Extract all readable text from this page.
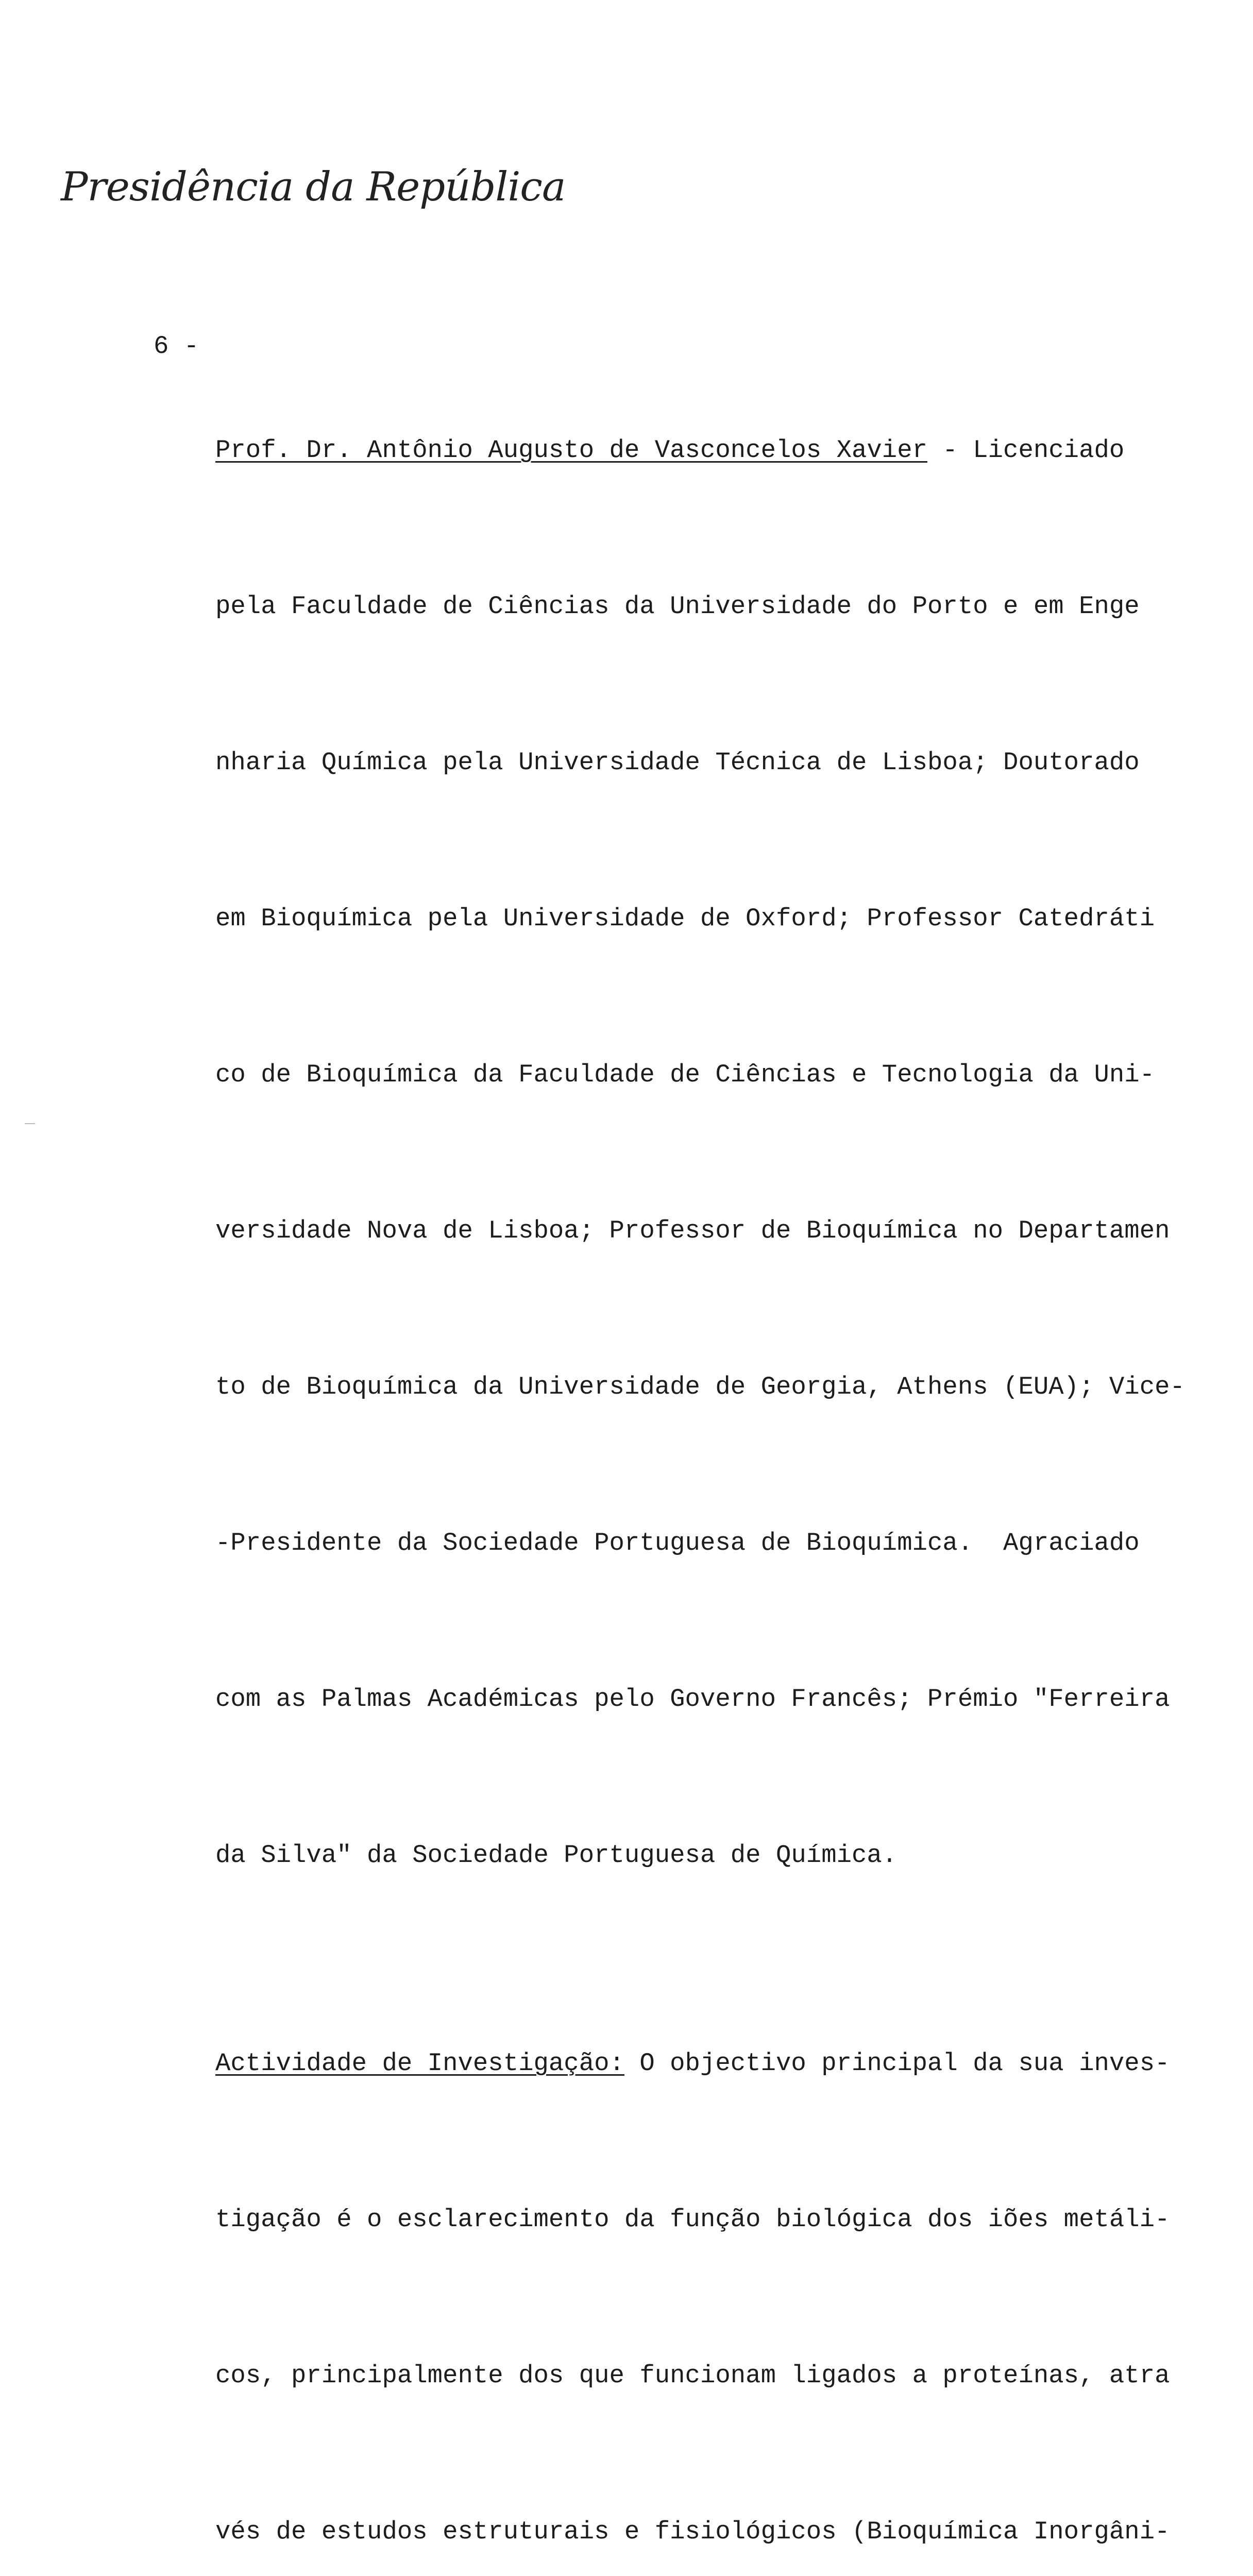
Presidência da República
6 -

Prof. Dr. Antônio Augusto de Vasconcelos Xavier - Licenciado

pela Faculdade de Ciências da Universidade do Porto e em Enge

nharia Química pela Universidade Técnica de Lisboa; Doutorado

em Bioquímica pela Universidade de Oxford; Professor Catedráti

co de Bioquímica da Faculdade de Ciências e Tecnologia da Uni-

versidade Nova de Lisboa; Professor de Bioquímica no Departamen

to de Bioquímica da Universidade de Georgia, Athens (EUA); Vice-

-Presidente da Sociedade Portuguesa de Bioquímica.  Agraciado

com as Palmas Académicas pelo Governo Francês; Prémio "Ferreira

da Silva" da Sociedade Portuguesa de Química.

Actividade de Investigação: O objectivo principal da sua inves-

tigação é o esclarecimento da função biológica dos iões metáli-

cos, principalmente dos que funcionam ligados a proteínas, atra

vés de estudos estruturais e fisiológicos (Bioquímica Inorgâni-
